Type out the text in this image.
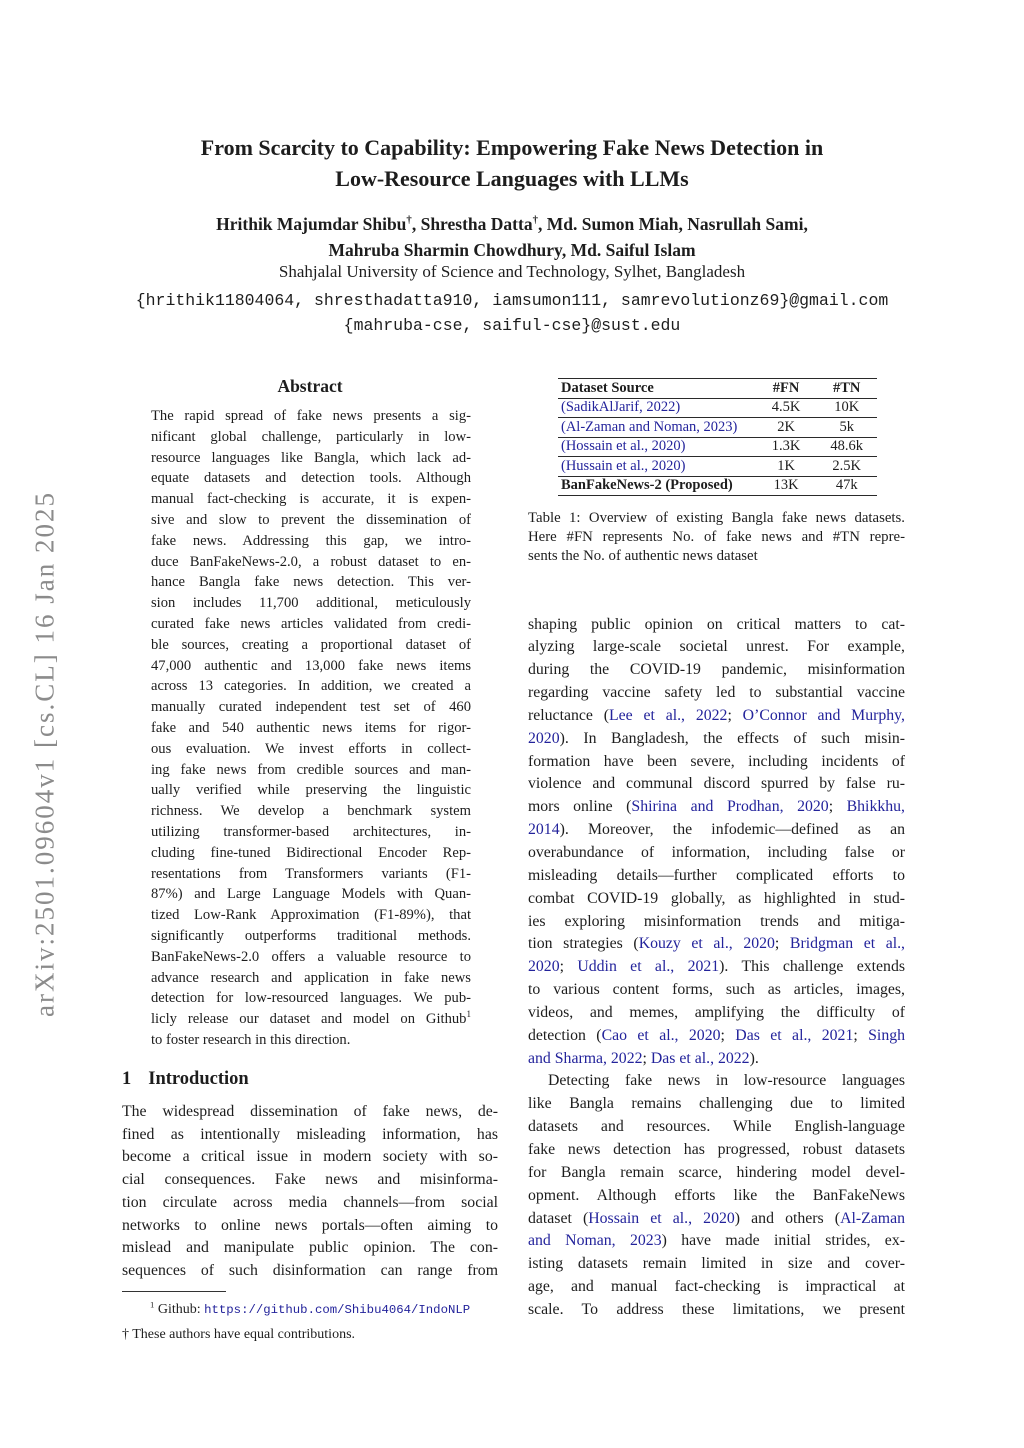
arXiv:2501.09604v1 [cs.CL] 16 Jan 2025
From Scarcity to Capability: Empowering Fake News Detection in
Low-Resource Languages with LLMs
Hrithik Majumdar Shibu†, Shrestha Datta†, Md. Sumon Miah, Nasrullah Sami,
Mahruba Sharmin Chowdhury, Md. Saiful Islam
Shahjalal University of Science and Technology, Sylhet, Bangladesh
{hrithik11804064, shresthadatta910, iamsumon111, samrevolutionz69}@gmail.com
{mahruba-cse, saiful-cse}@sust.edu
Abstract
The rapid spread of fake news presents a sig-
nificant global challenge, particularly in low-
resource languages like Bangla, which lack ad-
equate datasets and detection tools. Although
manual fact-checking is accurate, it is expen-
sive and slow to prevent the dissemination of
fake news. Addressing this gap, we intro-
duce BanFakeNews-2.0, a robust dataset to en-
hance Bangla fake news detection. This ver-
sion includes 11,700 additional, meticulously
curated fake news articles validated from credi-
ble sources, creating a proportional dataset of
47,000 authentic and 13,000 fake news items
across 13 categories. In addition, we created a
manually curated independent test set of 460
fake and 540 authentic news items for rigor-
ous evaluation. We invest efforts in collect-
ing fake news from credible sources and man-
ually verified while preserving the linguistic
richness. We develop a benchmark system
utilizing transformer-based architectures, in-
cluding fine-tuned Bidirectional Encoder Rep-
resentations from Transformers variants (F1-
87%) and Large Language Models with Quan-
tized Low-Rank Approximation (F1-89%), that
significantly outperforms traditional methods.
BanFakeNews-2.0 offers a valuable resource to
advance research and application in fake news
detection for low-resourced languages. We pub-
licly release our dataset and model on Github$^1$
to foster research in this direction.
1 Introduction
The widespread dissemination of fake news, de-
fined as intentionally misleading information, has
become a critical issue in modern society with so-
cial consequences. Fake news and misinforma-
tion circulate across media channels—from social
networks to online news portals—often aiming to
mislead and manipulate public opinion. The con-
sequences of such disinformation can range from
$^1$ Github: https://github.com/Shibu4064/IndoNLP
† These authors have equal contributions.
Dataset Source	#FN	#TN
(SadikAlJarif, 2022)	4.5K	10K
(Al-Zaman and Noman, 2023)	2K	5k
(Hossain et al., 2020)	1.3K	48.6k
(Hussain et al., 2020)	1K	2.5K
BanFakeNews-2 (Proposed)	13K	47k
Table 1: Overview of existing Bangla fake news datasets.
Here #FN represents No. of fake news and #TN repre-
sents the No. of authentic news dataset
shaping public opinion on critical matters to cat-
alyzing large-scale societal unrest. For example,
during the COVID-19 pandemic, misinformation
regarding vaccine safety led to substantial vaccine
reluctance (Lee et al., 2022; O’Connor and Murphy,
2020). In Bangladesh, the effects of such misin-
formation have been severe, including incidents of
violence and communal discord spurred by false ru-
mors online (Shirina and Prodhan, 2020; Bhikkhu,
2014). Moreover, the infodemic—defined as an
overabundance of information, including false or
misleading details—further complicated efforts to
combat COVID-19 globally, as highlighted in stud-
ies exploring misinformation trends and mitiga-
tion strategies (Kouzy et al., 2020; Bridgman et al.,
2020; Uddin et al., 2021). This challenge extends
to various content forms, such as articles, images,
videos, and memes, amplifying the difficulty of
detection (Cao et al., 2020; Das et al., 2021; Singh
and Sharma, 2022; Das et al., 2022).
Detecting fake news in low-resource languages
like Bangla remains challenging due to limited
datasets and resources. While English-language
fake news detection has progressed, robust datasets
for Bangla remain scarce, hindering model devel-
opment. Although efforts like the BanFakeNews
dataset (Hossain et al., 2020) and others (Al-Zaman
and Noman, 2023) have made initial strides, ex-
isting datasets remain limited in size and cover-
age, and manual fact-checking is impractical at
scale. To address these limitations, we present
